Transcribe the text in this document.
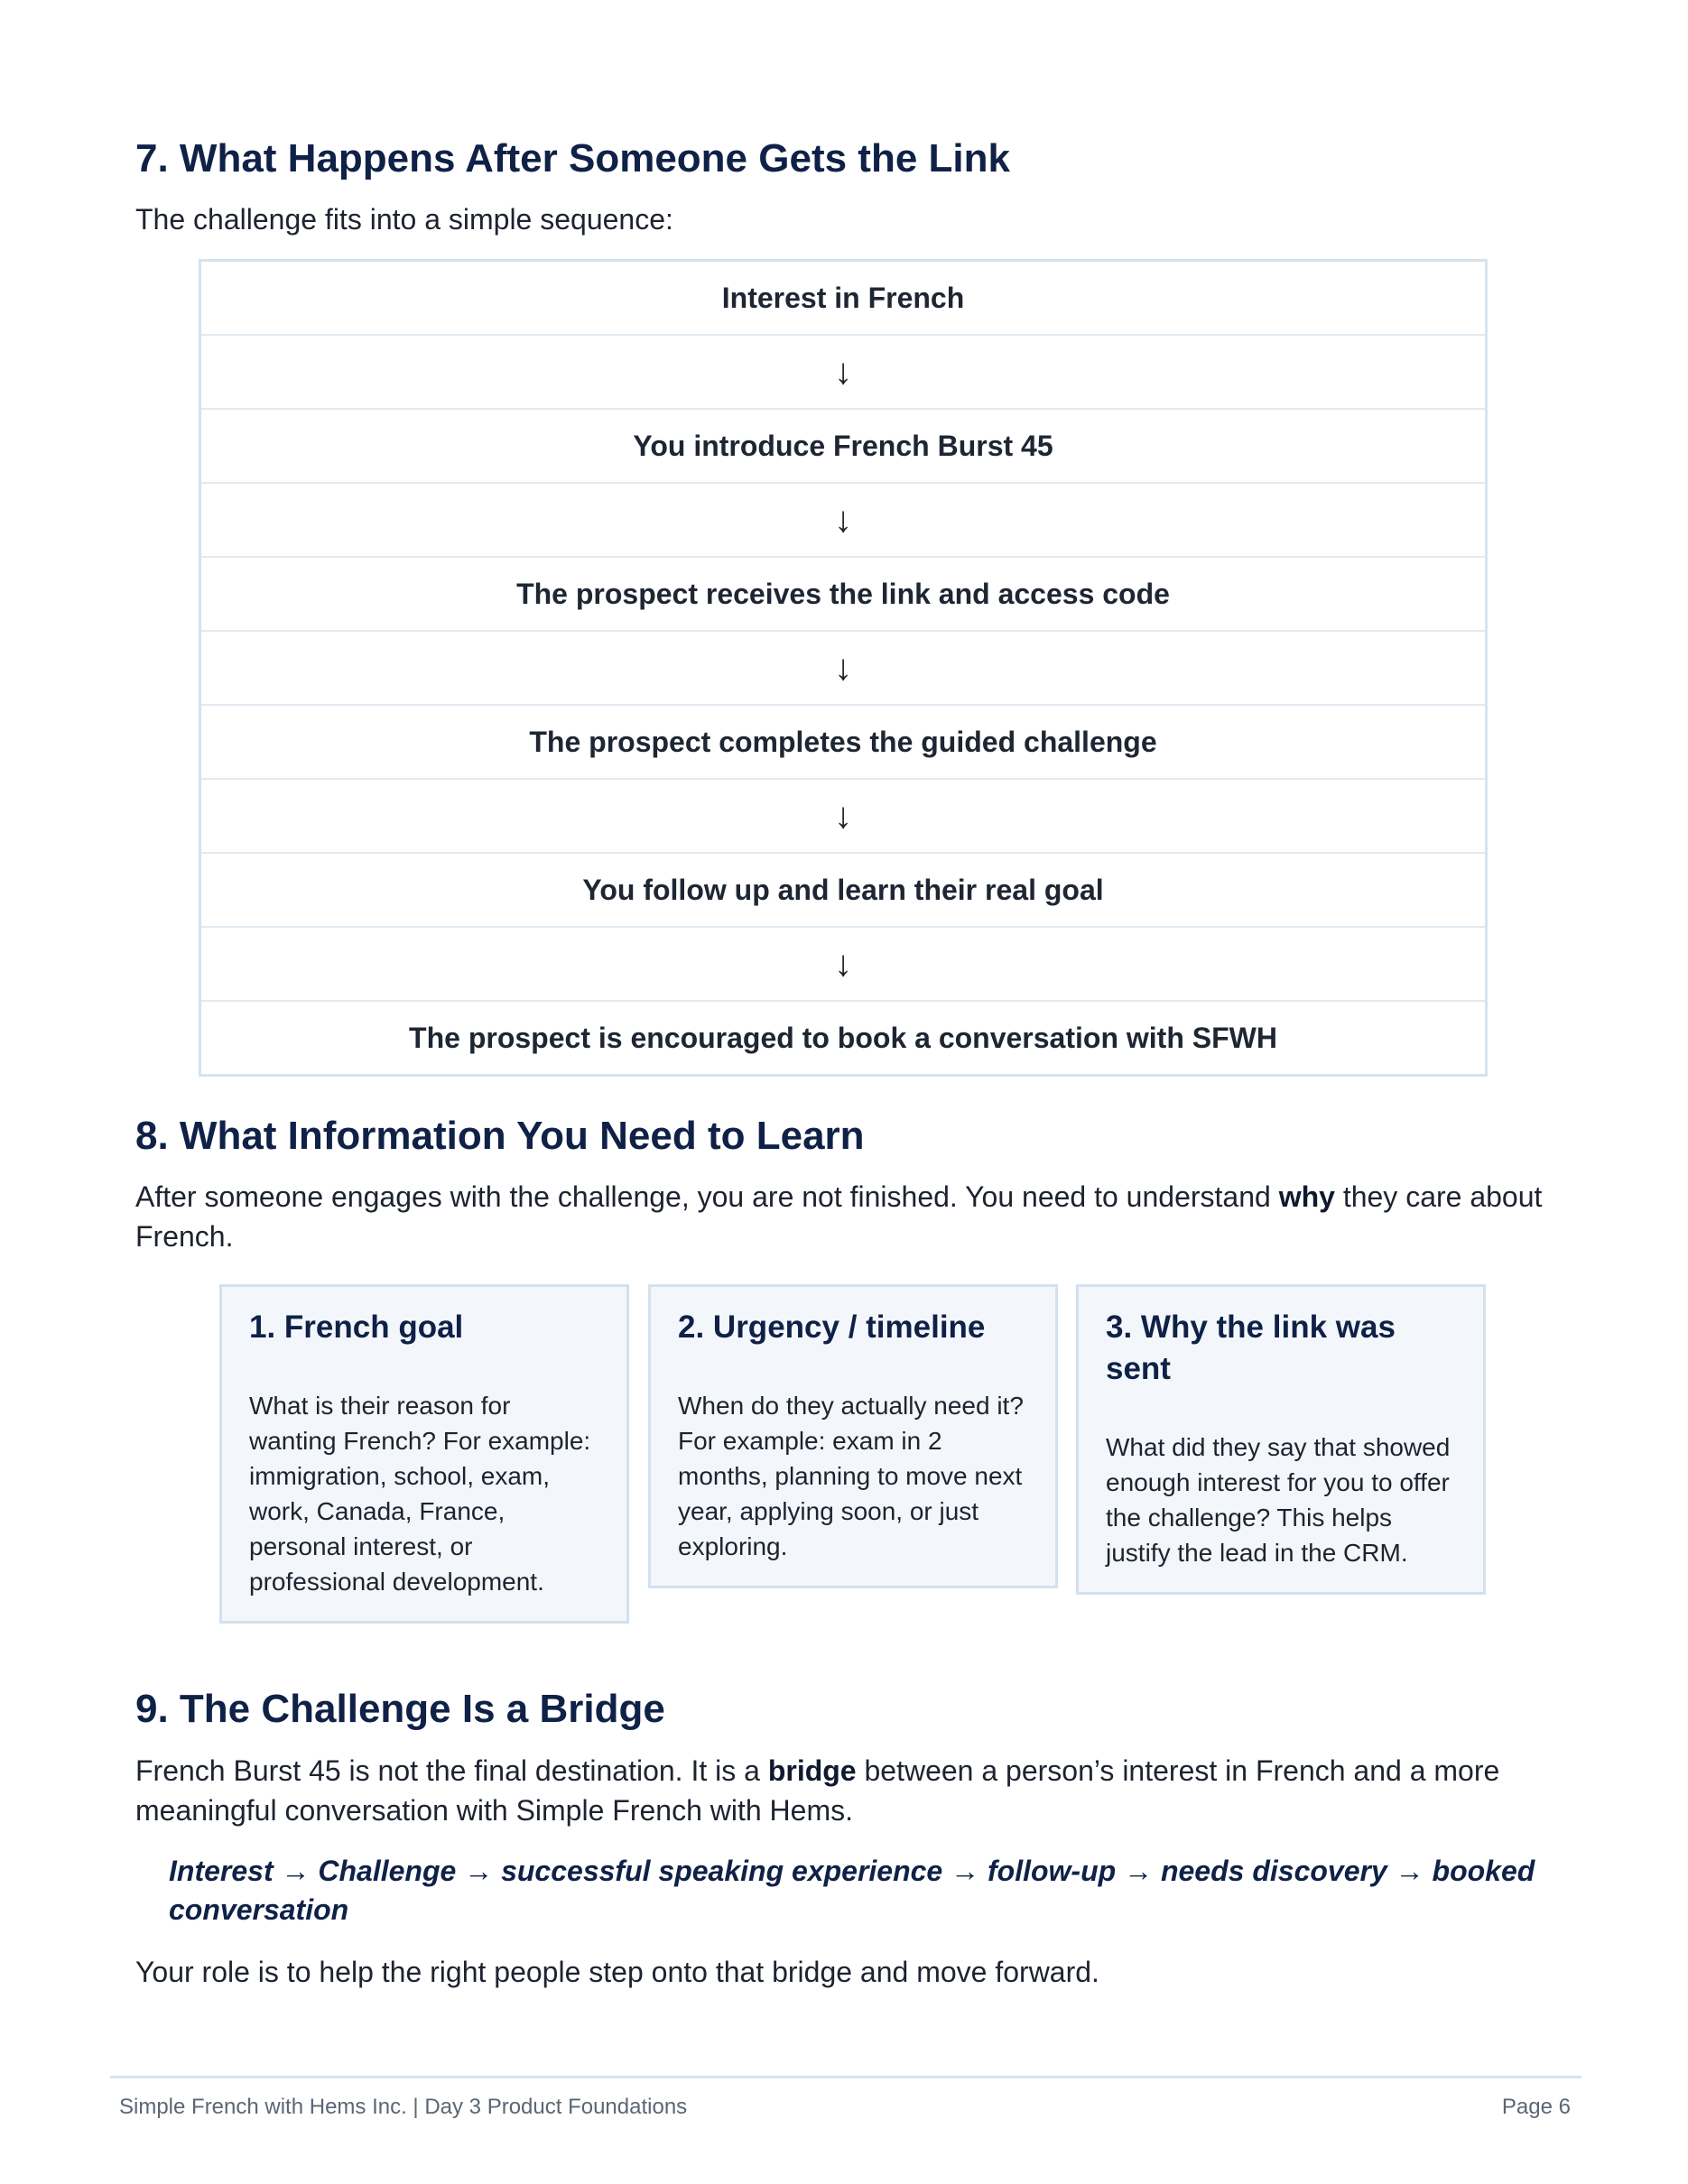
7. What Happens After Someone Gets the Link

The challenge fits into a simple sequence:

Interest in French
↓
You introduce French Burst 45
↓
The prospect receives the link and access code
↓
The prospect completes the guided challenge
↓
You follow up and learn their real goal
↓
The prospect is encouraged to book a conversation with SFWH
8. What Information You Need to Learn

After someone engages with the challenge, you are not finished. You need to understand why they care about French.

1. French goal
What is their reason for wanting French? For example: immigration, school, exam, work, Canada, France, personal interest, or professional development.
2. Urgency / timeline
When do they actually need it? For example: exam in 2 months, planning to move next year, applying soon, or just exploring.
3. Why the link was sent
What did they say that showed enough interest for you to offer the challenge? This helps justify the lead in the CRM.
9. The Challenge Is a Bridge

French Burst 45 is not the final destination. It is a bridge between a person’s interest in French and a more meaningful conversation with Simple French with Hems.

Interest → Challenge → successful speaking experience → follow-up → needs discovery → booked conversation

Your role is to help the right people step onto that bridge and move forward.

Simple French with Hems Inc. | Day 3 Product Foundations	Page 6
